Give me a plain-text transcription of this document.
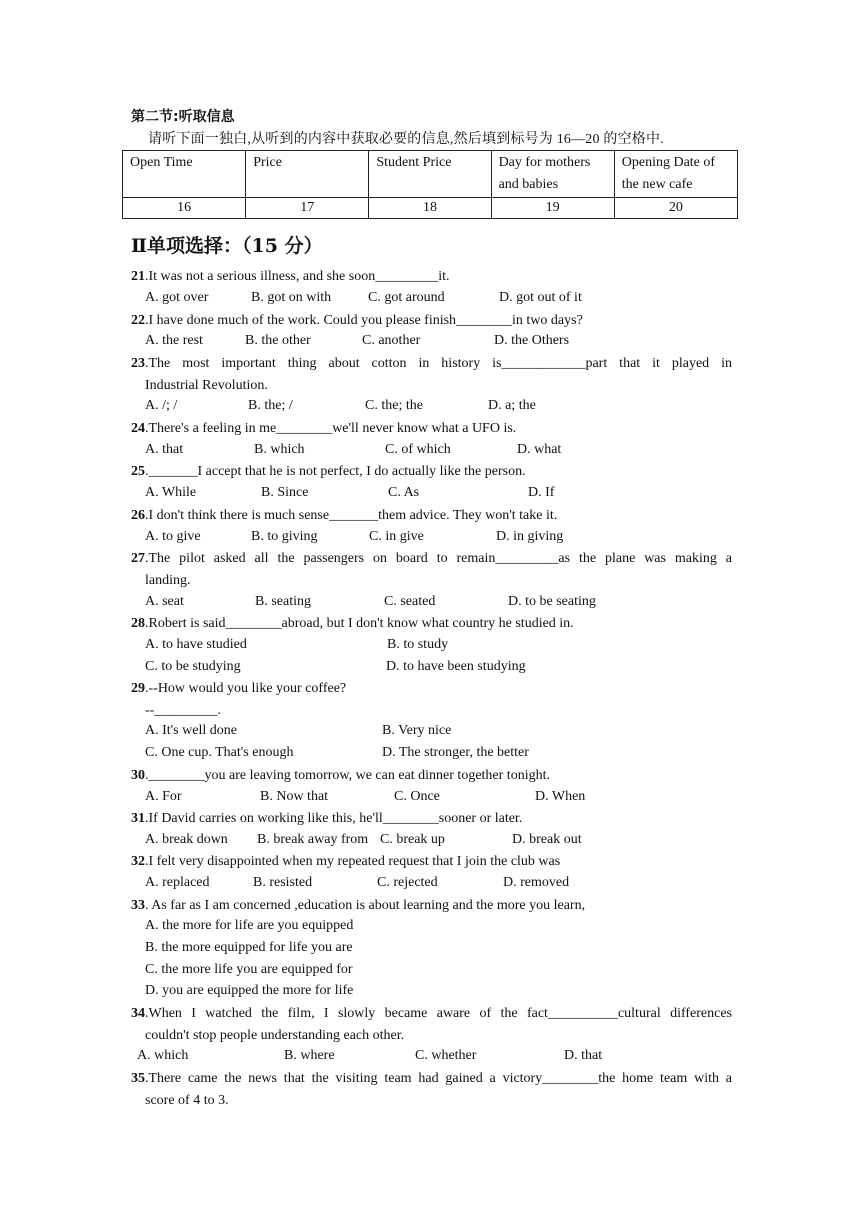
第二节:听取信息
请听下面一独白,从听到的内容中获取必要的信息,然后填到标号为 16—20 的空格中.
Open Time	Price	Student Price	Day for mothers and babies	Opening Date of the new cafe
16	17	18	19	20
Ⅱ单项选择：（15 分）
21.It was not a serious illness, and she soon_________it.
A. got over	B. got on with	C. got around	D. got out of it
22.I have done much of the work. Could you please finish________in two days?
A. the rest	B. the other	C. another	D. the Others
23.The most important thing about cotton in history is____________part that it played in
Industrial Revolution.
A. /; /	B. the; /	C. the; the	D. a; the
24.There's a feeling in me________we'll never know what a UFO is.
A. that	B. which	C. of which	D. what
25._______I accept that he is not perfect, I do actually like the person.
A. While	B. Since	C. As	D. If
26.I don't think there is much sense_______them advice. They won't take it.
A. to give	B. to giving	C. in give	D. in giving
27.The pilot asked all the passengers on board to remain_________as the plane was making a
landing.
A. seat	B. seating	C. seated	D. to be seating
28.Robert is said________abroad, but I don't know what country he studied in.
A. to have studied	B. to study
C. to be studying	D. to have been studying
29.--How would you like your coffee?
--_________.
A. It's well done	B. Very nice
C. One cup. That's enough	D. The stronger, the better
30.________you are leaving tomorrow, we can eat dinner together tonight.
A. For	B. Now that	C. Once	D. When
31.If David carries on working like this, he'll________sooner or later.
A. break down B. break away from C. break up	D. break out
32.I felt very disappointed when my repeated request that I join the club was
A. replaced	B. resisted	C. rejected	D. removed
33. As far as I am concerned ,education is about learning and the more you learn,
A. the more for life are you equipped
B. the more equipped for life you are
C. the more life you are equipped for
D. you are equipped the more for life
34.When I watched the film, I slowly became aware of the fact__________cultural differences
couldn't stop people understanding each other.
A. which	B. where	C. whether	D. that
35.There came the news that the visiting team had gained a victory________the home team with a
score of 4 to 3.
